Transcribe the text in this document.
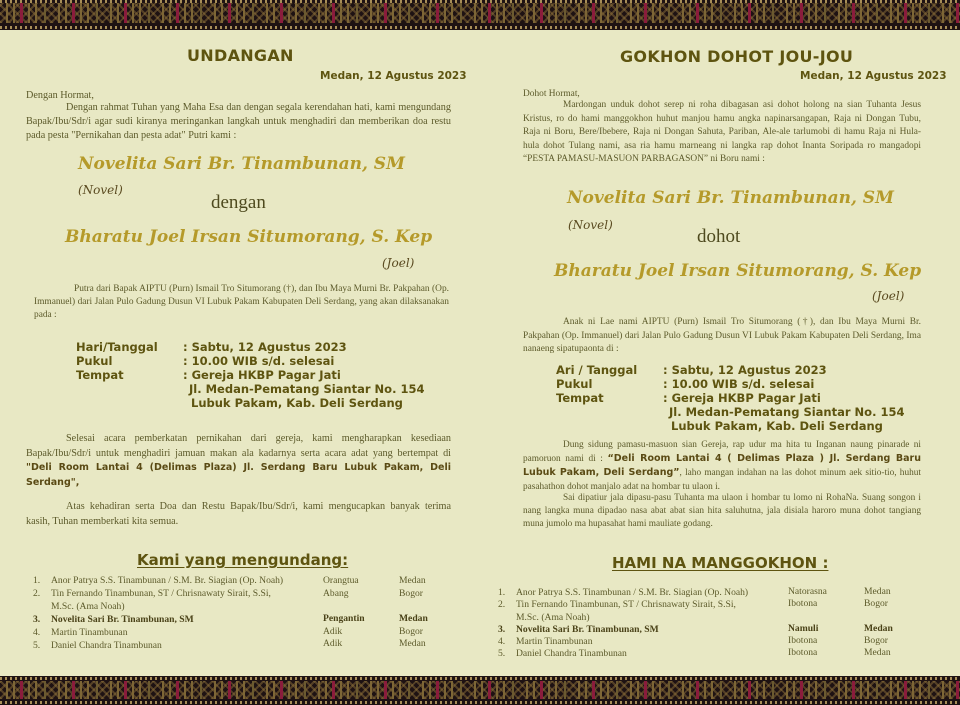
UNDANGAN
Medan, 12 Agustus 2023
Dengan Hormat,
Dengan rahmat Tuhan yang Maha Esa dan dengan segala kerendahan hati, kami mengundang Bapak/Ibu/Sdr/i agar sudi kiranya meringankan langkah untuk menghadiri dan memberikan doa restu pada pesta "Pernikahan dan pesta adat" Putri kami :
Novelita Sari Br. Tinambunan, SM
(Novel)
dengan
Bharatu Joel Irsan Situmorang, S. Kep
(Joel)
Putra dari Bapak AIPTU (Purn) Ismail Tro Situmorang (†), dan Ibu Maya Murni Br. Pakpahan (Op. Immanuel) dari Jalan Pulo Gadung Dusun VI Lubuk Pakam Kabupaten Deli Serdang, yang akan dilaksanakan pada :
Hari/Tanggal : Sabtu, 12 Agustus 2023
Pukul	: 10.00 WIB s/d. selesai
Tempat	: Gereja HKBP Pagar Jati
Jl. Medan-Pematang Siantar No. 154
Lubuk Pakam, Kab. Deli Serdang
Selesai acara pemberkatan pernikahan dari gereja, kami mengharapkan kesediaan Bapak/Ibu/Sdr/i untuk menghadiri jamuan makan ala kadarnya serta acara adat yang bertempat di "Deli Room Lantai 4 (Delimas Plaza) Jl. Serdang Baru Lubuk Pakam, Deli Serdang",
Atas kehadiran serta Doa dan Restu Bapak/Ibu/Sdr/i, kami mengucapkan banyak terima kasih, Tuhan memberkati kita semua.
Kami yang mengundang:
1. Anor Patrya S.S. Tinambunan / S.M. Br. Siagian (Op. Noah)	Orangtua	Medan
2. Tin Fernando Tinambunan, ST / Chrisnawaty Sirait, S.Si,
M.Sc. (Ama Noah)
Abang	Bogor
3. Novelita Sari Br. Tinambunan, SM	Pengantin	Medan
4. Martin Tinambunan	Adik	Bogor
5. Daniel Chandra Tinambunan	Adik	Medan
GOKHON DOHOT JOU-JOU
Medan, 12 Agustus 2023
Dohot Hormat,
Mardongan unduk dohot serep ni roha dibagasan asi dohot holong na sian Tuhanta Jesus Kristus, ro do hami manggokhon huhut manjou hamu angka napinarsangapan, Raja ni Dongan Tubu, Raja ni Boru, Bere/Ibebere, Raja ni Dongan Sahuta, Pariban, Ale-ale tarlumobi di hamu Raja ni Hula-hula dohot Tulang nami, asa ria hamu marneang ni langka rap dohot Inanta Soripada ro mangadopi “PESTA PAMASU-MASUON PARBAGASON” ni Boru nami :
Novelita Sari Br. Tinambunan, SM
(Novel)
dohot
Bharatu Joel Irsan Situmorang, S. Kep
(Joel)
Anak ni Lae nami AIPTU (Purn) Ismail Tro Situmorang (†), dan Ibu Maya Murni Br. Pakpahan (Op. Immanuel) dari Jalan Pulo Gadung Dusun VI Lubuk Pakam Kabupaten Deli Serdang, Ima nanaeng sipatupaonta di :
Ari / Tanggal : Sabtu, 12 Agustus 2023
Pukul	: 10.00 WIB s/d. selesai
Tempat	: Gereja HKBP Pagar Jati
Jl. Medan-Pematang Siantar No. 154
Lubuk Pakam, Kab. Deli Serdang
Dung sidung pamasu-masuon sian Gereja, rap udur ma hita tu Inganan naung pinarade ni pamoruon nami di : “Deli Room Lantai 4 ( Delimas Plaza ) Jl. Serdang Baru Lubuk Pakam, Deli Serdang”, laho mangan indahan na las dohot minum aek sitio-tio, huhut pasahathon dohot manjalo adat na hombar tu ulaon i.
Sai dipatiur jala dipasu-pasu Tuhanta ma ulaon i hombar tu lomo ni RohaNa. Suang songon i nang langka muna dipadao nasa abat abat sian hita saluhutna, jala disiala haroro muna dohot tangiang muna jumolo ma hupasahat hami mauliate godang.
HAMI NA MANGGOKHON :
1. Anor Patrya S.S. Tinambunan / S.M. Br. Siagian (Op. Noah)	Natorasna	Medan
2. Tin Fernando Tinambunan, ST / Chrisnawaty Sirait, S.Si,
M.Sc. (Ama Noah)
Ibotona	Bogor
3. Novelita Sari Br. Tinambunan, SM	Namuli	Medan
4. Martin Tinambunan	Ibotona	Bogor
5. Daniel Chandra Tinambunan	Ibotona	Medan
